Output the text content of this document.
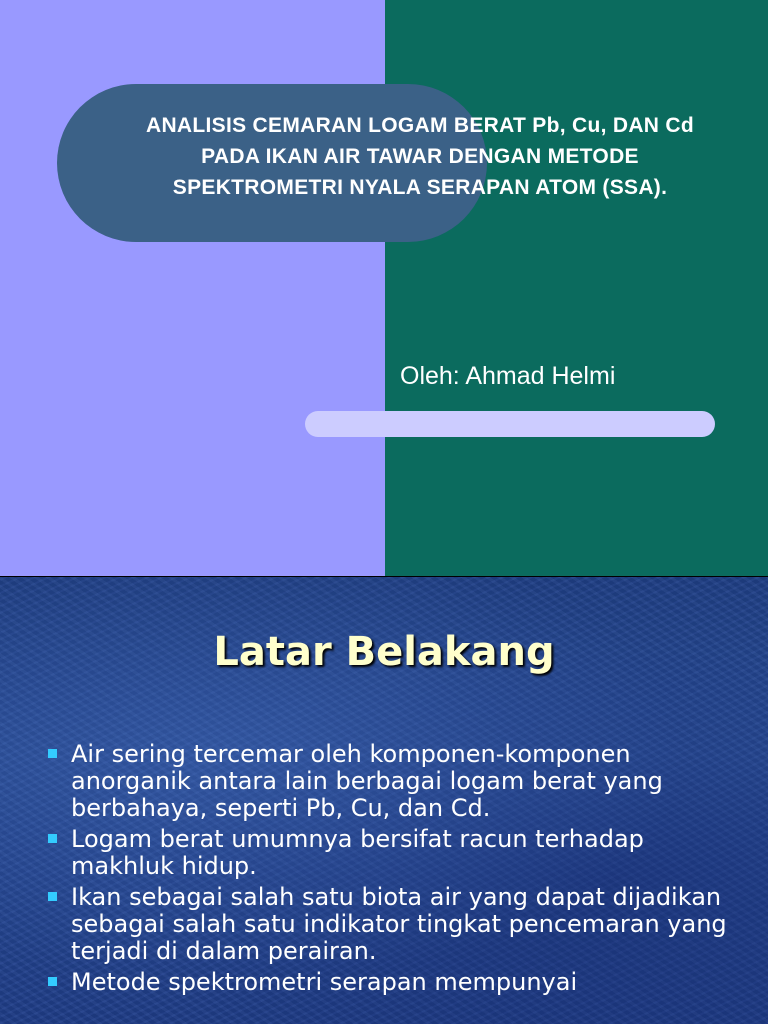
ANALISIS CEMARAN LOGAM BERAT Pb, Cu, DAN Cd
PADA IKAN AIR TAWAR DENGAN METODE
SPEKTROMETRI NYALA SERAPAN ATOM (SSA).

Oleh: Ahmad Helmi

Latar Belakang
Air sering tercemar oleh komponen-komponen anorganik antara lain berbagai logam berat yang berbahaya, seperti Pb, Cu, dan Cd.
Logam berat umumnya bersifat racun terhadap makhluk hidup.
Ikan sebagai salah satu biota air yang dapat dijadikan sebagai salah satu indikator tingkat pencemaran yang terjadi di dalam perairan.
Metode spektrometri serapan mempunyai
